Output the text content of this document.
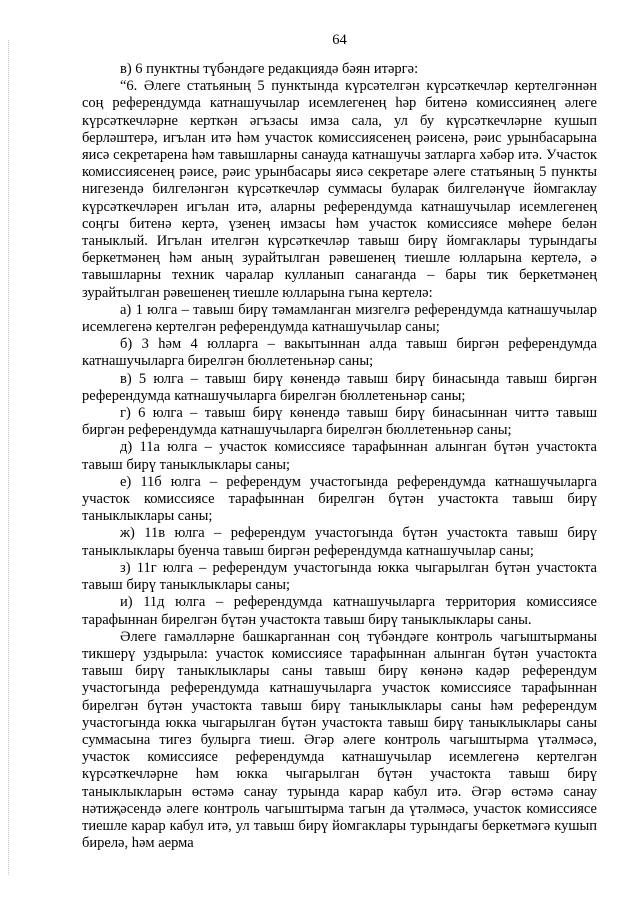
64

в) 6 пунктны түбәндәге редакциядә бәян итәргә:

“6. Әлеге статьяның 5 пунктында күрсәтелгән күрсәткечләр кертелгәннән соң референдумда катнашучылар исемлегенең һәр битенә комиссиянең әлеге күрсәткечләрне керткән әгъзасы имза сала, ул бу күрсәткечләрне кушып берләштерә, игълан итә һәм участок комиссиясенең рәисенә, рәис урынбасарына яисә секретарена һәм тавышларны санауда катнашучы затларга хәбәр итә. Участок комиссиясенең рәисе, рәис урынбасары яисә секретаре әлеге статьяның 5 пункты нигезендә билгеләнгән күрсәткечләр суммасы буларак билгеләнүче йомгаклау күрсәткечләрен игълан итә, аларны референдумда катнашучылар исемлегенең соңгы битенә кертә, үзенең имзасы һәм участок комиссиясе мөһере белән таныклый. Игълан ителгән күрсәткечләр тавыш бирү йомгаклары турындагы беркетмәнең һәм аның зурайтылган рәвешенең тиешле юлларына кертелә, ә тавышларны техник чаралар кулланып санаганда – бары тик беркетмәнең зурайтылган рәвешенең тиешле юлларына гына кертелә:

а) 1 юлга – тавыш бирү тәмамланган мизгелгә референдумда катнашучылар исемлегенә кертелгән референдумда катнашучылар саны;

б) 3 һәм 4 юлларга – вакытыннан алда тавыш биргән референдумда катнашучыларга бирелгән бюллетеньнәр саны;

в) 5 юлга – тавыш бирү көнендә тавыш бирү бинасында тавыш биргән референдумда катнашучыларга бирелгән бюллетеньнәр саны;

г) 6 юлга – тавыш бирү көнендә тавыш бирү бинасыннан читтә тавыш биргән референдумда катнашучыларга бирелгән бюллетеньнәр саны;

д) 11а юлга – участок комиссиясе тарафыннан алынган бүтән участокта тавыш бирү таныклыклары саны;

е) 11б юлга – референдум участогында референдумда катнашучыларга участок комиссиясе тарафыннан бирелгән бүтән участокта тавыш бирү таныклыклары саны;

ж) 11в юлга – референдум участогында бүтән участокта тавыш бирү таныклыклары буенча тавыш биргән референдумда катнашучылар саны;

з) 11г юлга – референдум участогында юкка чыгарылган бүтән участокта тавыш бирү таныклыклары саны;

и) 11д юлга – референдумда катнашучыларга территория комиссиясе тарафыннан бирелгән бүтән участокта тавыш бирү таныклыклары саны.

Әлеге гамәлләрне башкарганнан соң түбәндәге контроль чагыштырманы тикшерү уздырыла: участок комиссиясе тарафыннан алынган бүтән участокта тавыш бирү таныклыклары саны тавыш бирү көнәнә кадәр референдум участогында референдумда катнашучыларга участок комиссиясе тарафыннан бирелгән бүтән участокта тавыш бирү таныклыклары саны һәм референдум участогында юкка чыгарылган бүтән участокта тавыш бирү таныклыклары саны суммасына тигез булырга тиеш. Әгәр әлеге контроль чагыштырма үтәлмәсә, участок комиссиясе референдумда катнашучылар исемлегенә кертелгән күрсәткечләрне һәм юкка чыгарылган бүтән участокта тавыш бирү таныклыкларын өстәмә санау турында карар кабул итә. Әгәр өстәмә санау нәтиҗәсендә әлеге контроль чагыштырма тагын да үтәлмәсә, участок комиссиясе тиешле карар кабул итә, ул тавыш бирү йомгаклары турындагы беркетмәгә кушып бирелә, һәм аерма
